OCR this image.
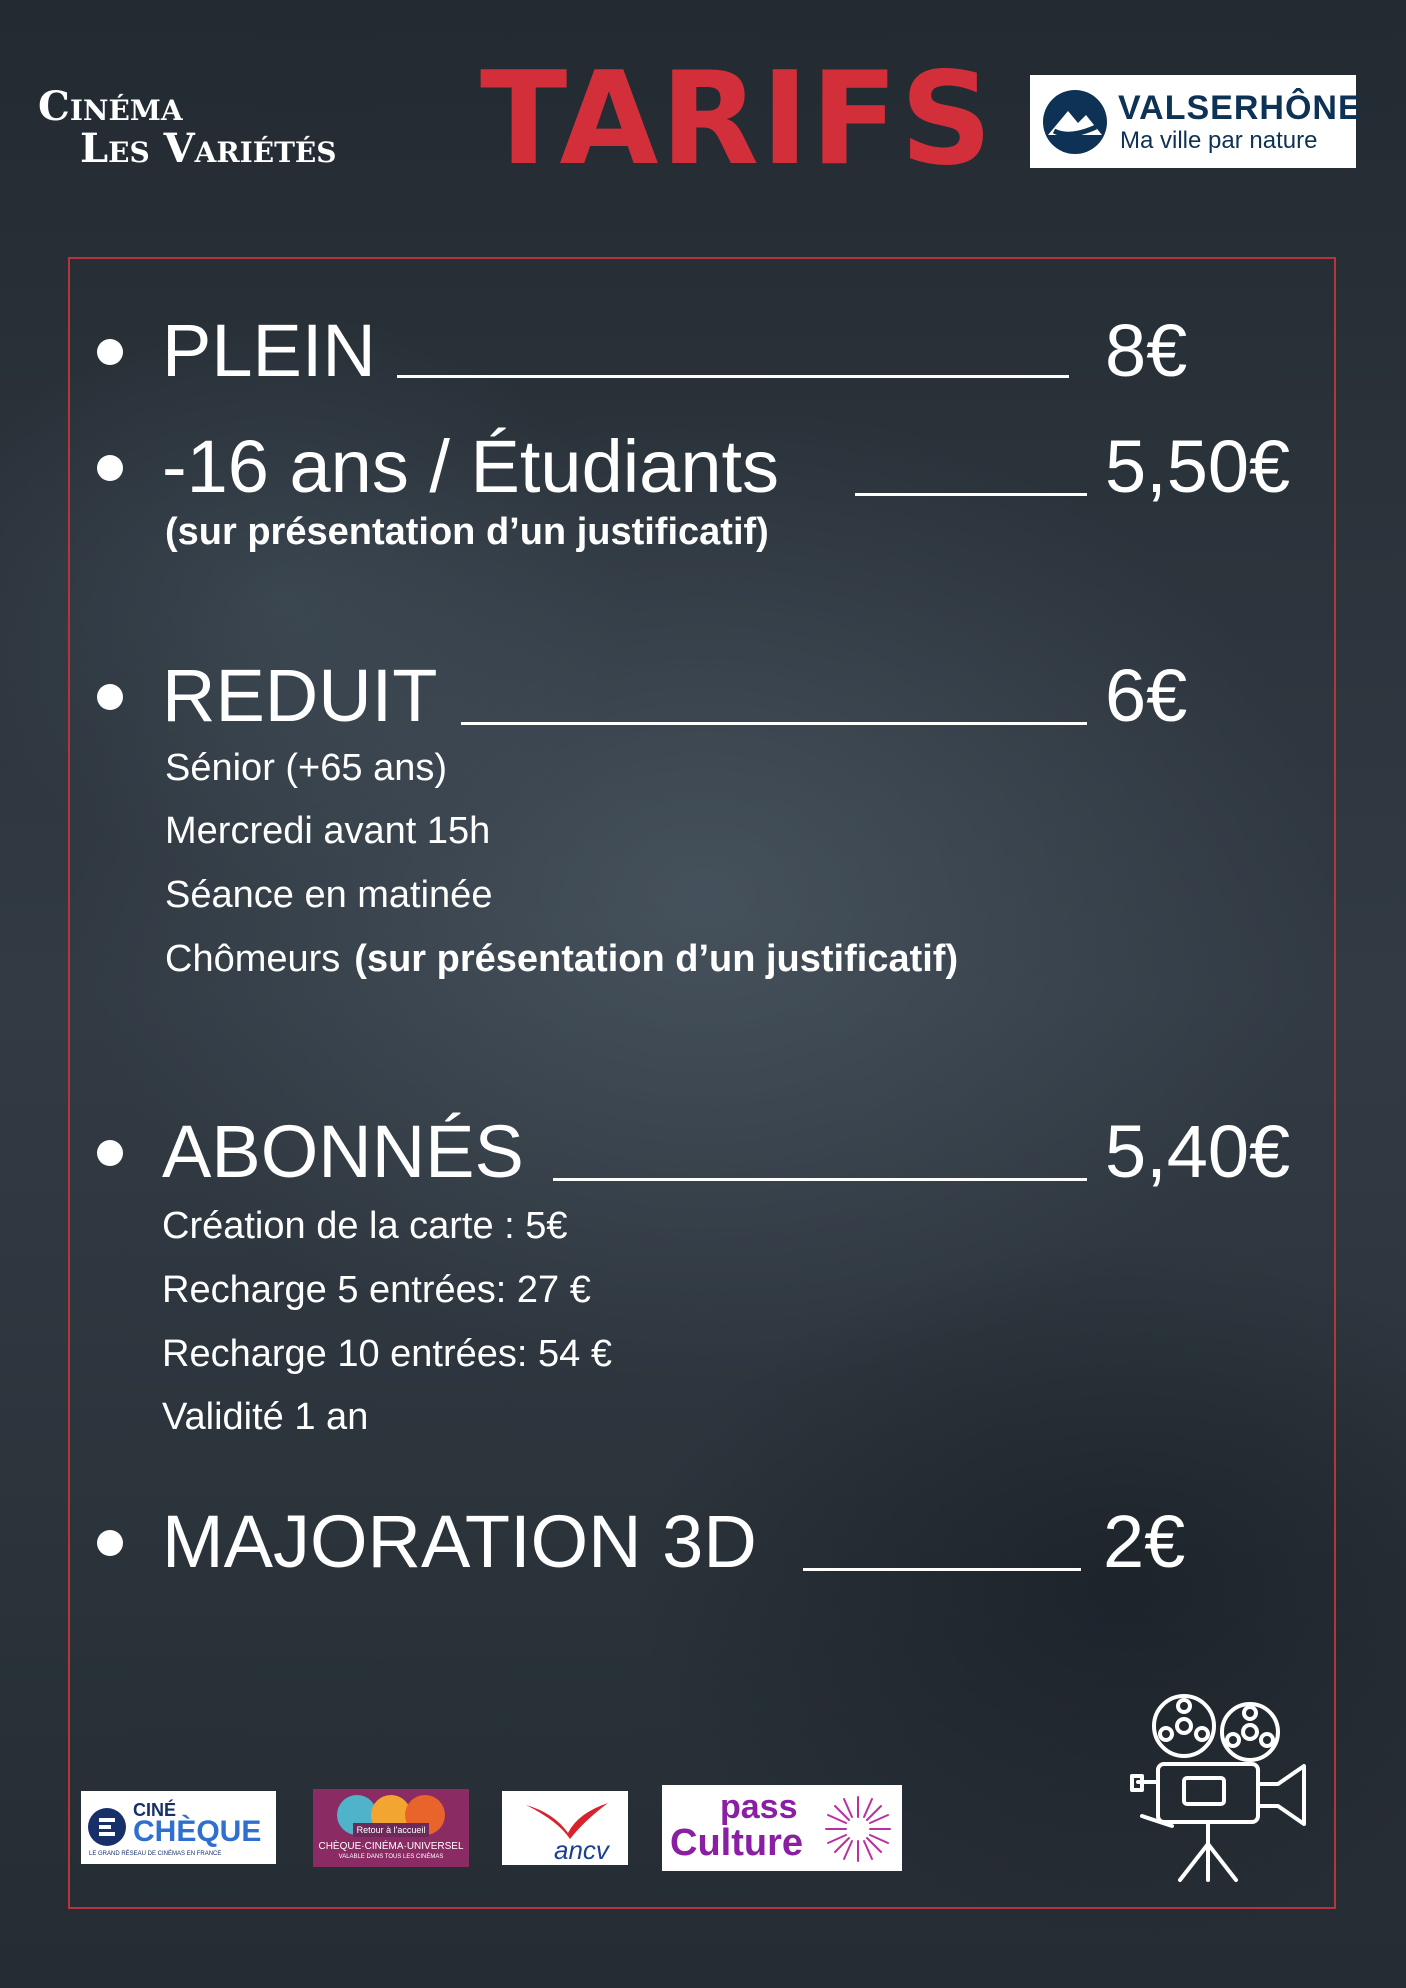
Cinéma
Les Variétés TARIFS	VALSERHÔNE
Ma ville par nature
PLEIN	8€
-16 ans / Étudiants	5,50€
(sur présentation d’un justificatif)
REDUIT	6€
Sénior (+65 ans)
Mercredi avant 15h
Séance en matinée
Chômeurs (sur présentation d’un justificatif)
ABONNÉS	5,40€
Création de la carte : 5€
Recharge 5 entrées: 27 €
Recharge 10 entrées: 54 €
Validité 1 an
MAJORATION 3D	2€
CINÉ
CHÈQUE
LE GRAND RÉSEAU DE CINÉMAS EN FRANCE
Retour à l'accueil
CHÈQUE·CINÉMA·UNIVERSEL
VALABLE DANS TOUS LES CINÉMAS	ancv
pass
Culture
